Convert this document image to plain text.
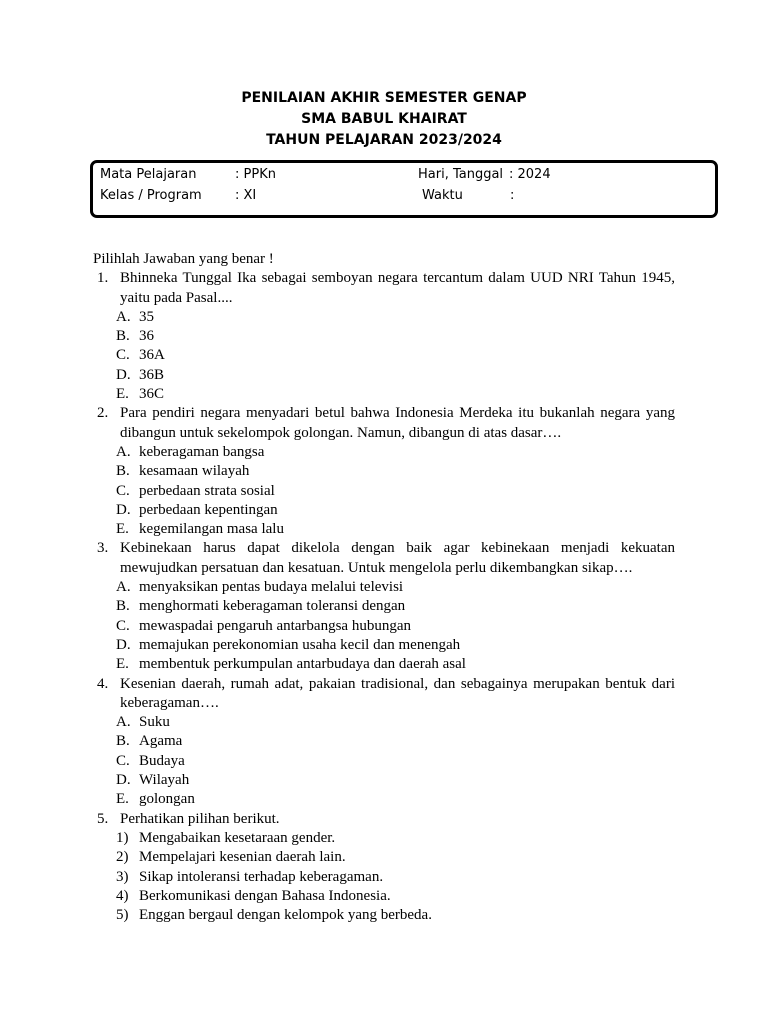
PENILAIAN AKHIR SEMESTER GENAP
SMA BABUL KHAIRAT
TAHUN PELAJARAN 2023/2024
Mata Pelajaran	: PPKn	Hari, Tanggal : 2024
Kelas / Program	: XI	Waktu	:

Pilihlah Jawaban yang benar !

1. Bhinneka Tunggal Ika sebagai semboyan negara tercantum dalam UUD NRI Tahun 1945, yaitu pada Pasal....
A. 35
B. 36
C. 36A
D. 36B
E. 36C
2. Para pendiri negara menyadari betul bahwa Indonesia Merdeka itu bukanlah negara yang dibangun untuk sekelompok golongan. Namun, dibangun di atas dasar….
A. keberagaman bangsa
B. kesamaan wilayah
C. perbedaan strata sosial
D. perbedaan kepentingan
E. kegemilangan masa lalu
3. Kebinekaan harus dapat dikelola dengan baik agar kebinekaan menjadi kekuatan mewujudkan persatuan dan kesatuan. Untuk mengelola perlu dikembangkan sikap….
A. menyaksikan pentas budaya melalui televisi
B. menghormati keberagaman toleransi dengan
C. mewaspadai pengaruh antarbangsa hubungan
D. memajukan perekonomian usaha kecil dan menengah
E. membentuk perkumpulan antarbudaya dan daerah asal
4. Kesenian daerah, rumah adat, pakaian tradisional, dan sebagainya merupakan bentuk dari keberagaman….
A. Suku
B. Agama
C. Budaya
D. Wilayah
E. golongan
5. Perhatikan pilihan berikut.
1) Mengabaikan kesetaraan gender.
2) Mempelajari kesenian daerah lain.
3) Sikap intoleransi terhadap keberagaman.
4) Berkomunikasi dengan Bahasa Indonesia.
5) Enggan bergaul dengan kelompok yang berbeda.
